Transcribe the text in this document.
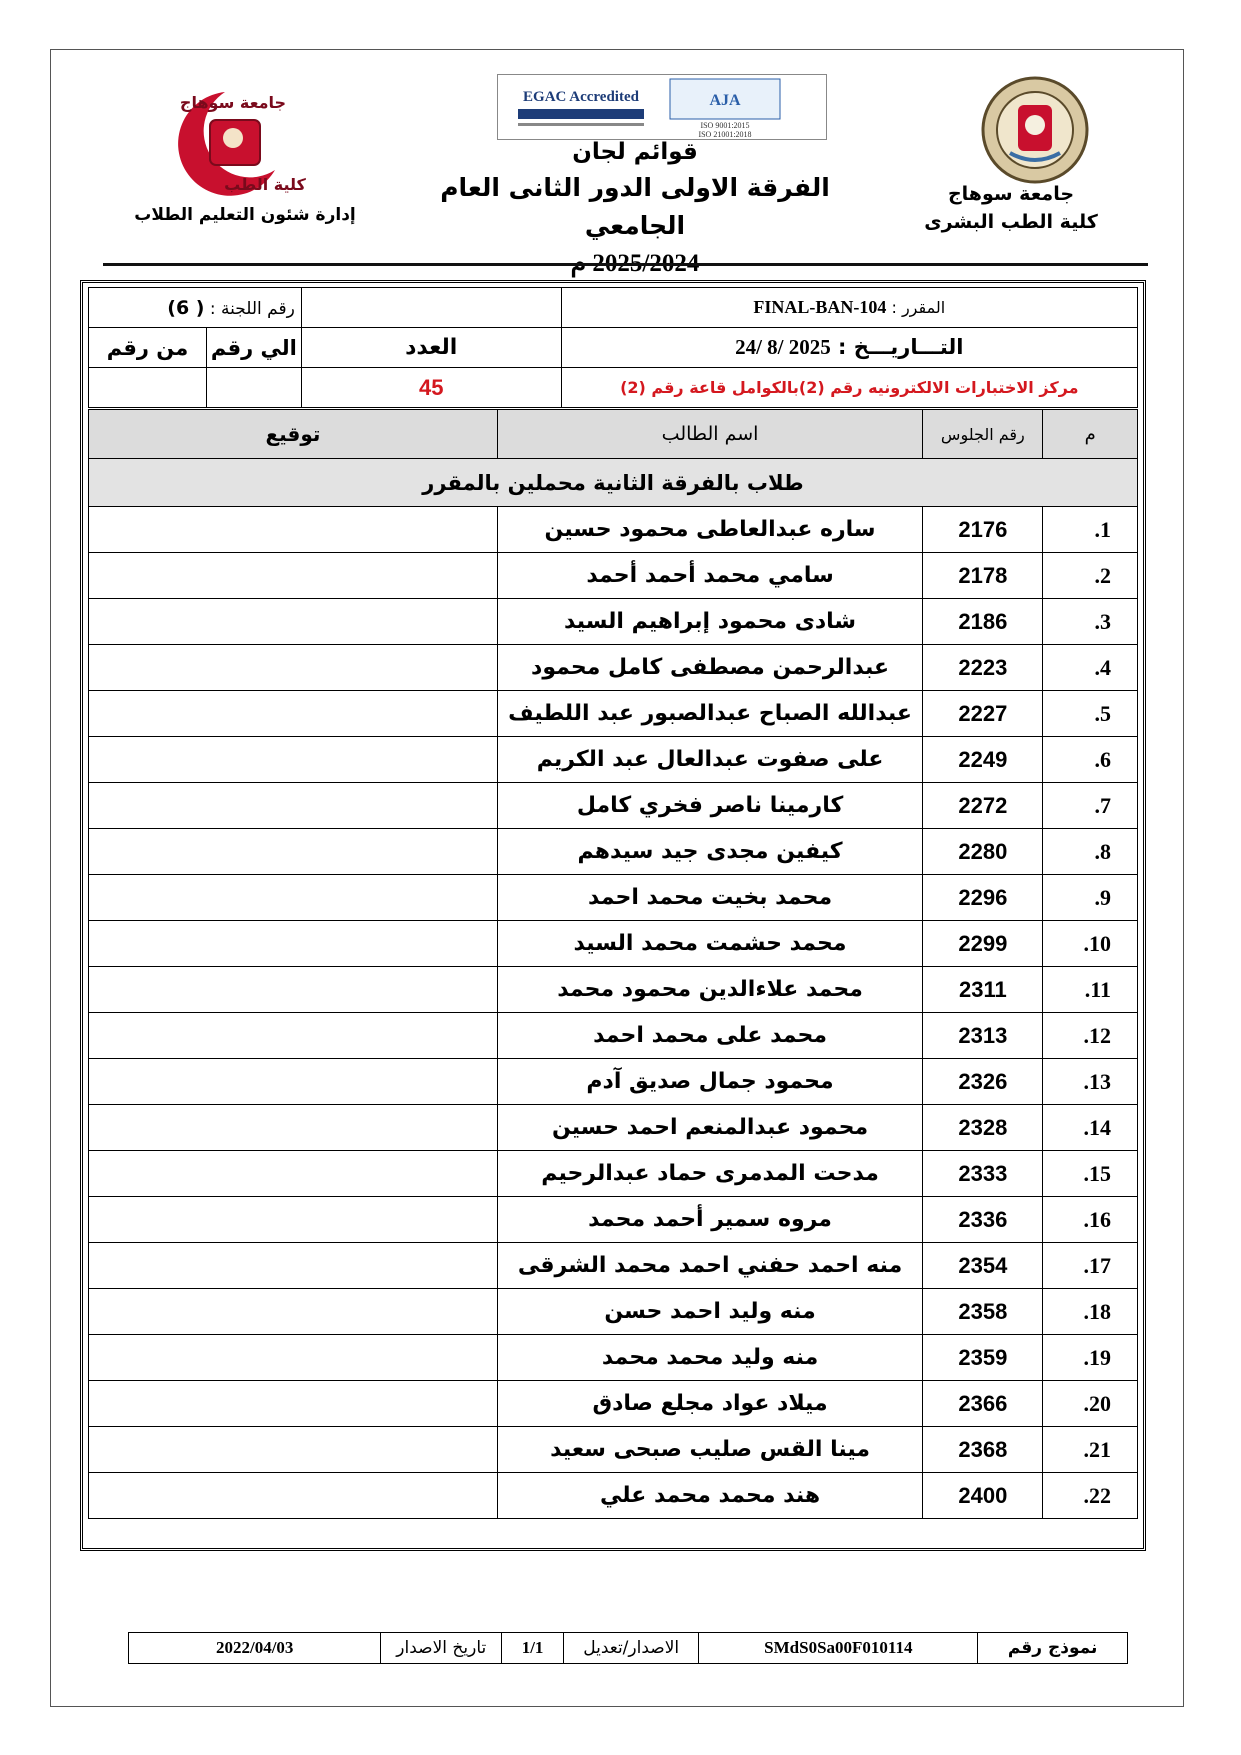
جامعة سوهاج
كلية الطب البشرى
EGAC Accredited	AJA
ISO 9001:2015
ISO 21001:2018
قوائم لجان
الفرقة الاولى الدور الثانى العام الجامعي
2025/2024 م
جامعة سوهاج
كلية الطب
إدارة شئون التعليم الطلاب
رقم اللجنة : ( 6)			المقرر : FINAL-BAN-104
من رقم	الي رقم	العدد	التـــاريـــخ : 24/ 8/ 2025
		45	مركز الاختبارات الالكترونيه رقم (2)بالكوامل قاعة رقم (2)
م	رقم الجلوس	اسم الطالب	توقيع
طلاب بالفرقة الثانية محملين بالمقرر			
1.	2176	ساره عبدالعاطى محمود حسين	
2.	2178	سامي محمد أحمد أحمد	
3.	2186	شادى محمود إبراهيم السيد	
4.	2223	عبدالرحمن مصطفى كامل محمود	
5.	2227	عبدالله الصباح عبدالصبور عبد اللطيف	
6.	2249	على صفوت عبدالعال عبد الكريم	
7.	2272	كارمينا ناصر فخري كامل	
8.	2280	كيفين مجدى جيد سيدهم	
9.	2296	محمد بخيت محمد احمد	
10.	2299	محمد حشمت محمد السيد	
11.	2311	محمد علاءالدين محمود محمد	
12.	2313	محمد على محمد احمد	
13.	2326	محمود جمال صديق آدم	
14.	2328	محمود عبدالمنعم احمد حسين	
15.	2333	مدحت المدمرى حماد عبدالرحيم	
16.	2336	مروه سمير أحمد محمد	
17.	2354	منه احمد حفني احمد محمد الشرقى	
18.	2358	منه وليد احمد حسن	
19.	2359	منه وليد محمد محمد	
20.	2366	ميلاد عواد مجلع صادق	
21.	2368	مينا القس صليب صبحى سعيد	
22.	2400	هند محمد محمد علي	
نموذج رقم	SMdS0Sa00F010114	الاصدار/تعديل	1/1	تاريخ الاصدار	2022/04/03
